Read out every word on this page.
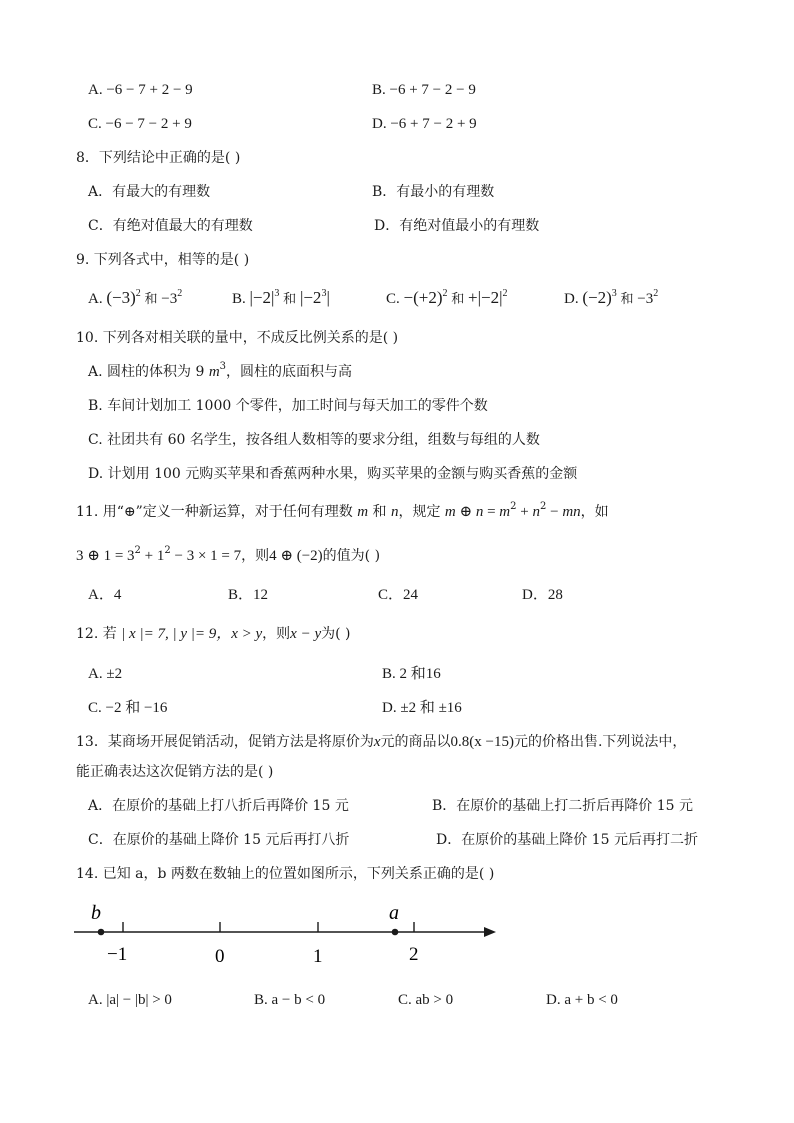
A. −6 − 7 + 2 − 9	B. −6 + 7 − 2 − 9
C. −6 − 7 − 2 + 9	D. −6 + 7 − 2 + 9
8．下列结论中正确的是( )
A．有最大的有理数	B．有最小的有理数
C．有绝对值最大的有理数	D．有绝对值最小的有理数
9. 下列各式中，相等的是( )
A. $(-3)^2$ 和 $-3^2$	B. $|-2|^3$ 和 $|-2^3|$	C. $-(+2)^2$ 和 $+|-2|^2$	D. $(-2)^3$ 和 $-3^2$
10. 下列各对相关联的量中，不成反比例关系的是( )
A. 圆柱的体积为 9 $m^3$，圆柱的底面积与高
B. 车间计划加工 1000 个零件，加工时间与每天加工的零件个数
C. 社团共有 60 名学生，按各组人数相等的要求分组，组数与每组的人数
D. 计划用 100 元购买苹果和香蕉两种水果，购买苹果的金额与购买香蕉的金额
11. 用“⊕”定义一种新运算，对于任何有理数 m 和 n，规定 m ⊕ $n = m^2 + n^2$ − mn，如
3 ⊕ $1 = 3^2 + 1^2 - 3 \times 1 = 7$，则4 ⊕ (−2)的值为( )
A．4	B．12	C．24	D．28
12. 若 | x |= 7, | y |= 9，x > y，则x − y为( )
A. ±2	B. 2 和16
C. −2 和 −16	D. ±2 和 ±16
13．某商场开展促销活动，促销方法是将原价为x元的商品以0.8(x −15)元的价格出售.下列说法中，
能正确表达这次促销方法的是( )
A．在原价的基础上打八折后再降价 15 元	B．在原价的基础上打二折后再降价 15 元
C．在原价的基础上降价 15 元后再打八折	D．在原价的基础上降价 15 元后再打二折
14. 已知 a，b 两数在数轴上的位置如图所示，下列关系正确的是( )
b	a
−1	0	1	2
A. |a| − |b| > 0	B. a − b < 0	C. ab > 0	D. a + b < 0
